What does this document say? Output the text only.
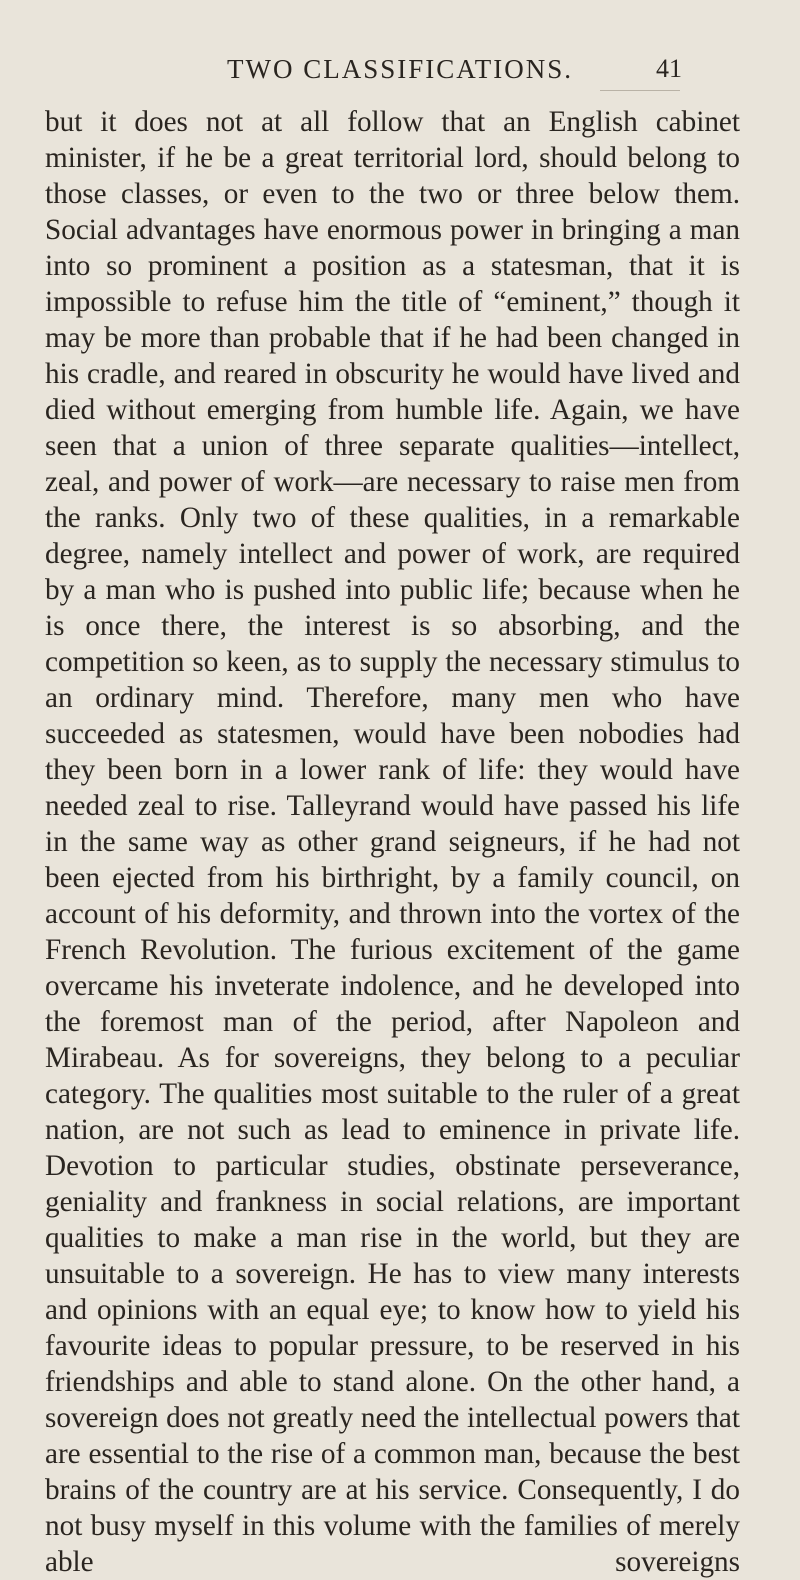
TWO CLASSIFICATIONS.	41

but it does not at all follow that an English cabinet minister, if he be a great territorial lord, should belong to those classes, or even to the two or three below them. Social advantages have enormous power in bringing a man into so prominent a position as a statesman, that it is impossible to refuse him the title of “eminent,” though it may be more than probable that if he had been changed in his cradle, and reared in obscurity he would have lived and died without emerging from humble life. Again, we have seen that a union of three separate qualities—intellect, zeal, and power of work—are necessary to raise men from the ranks. Only two of these qualities, in a remarkable degree, namely intellect and power of work, are required by a man who is pushed into public life; because when he is once there, the interest is so absorbing, and the competition so keen, as to supply the necessary stimulus to an ordinary mind. Therefore, many men who have succeeded as statesmen, would have been nobodies had they been born in a lower rank of life: they would have needed zeal to rise. Talleyrand would have passed his life in the same way as other grand seigneurs, if he had not been ejected from his birthright, by a family council, on account of his deformity, and thrown into the vortex of the French Revolution. The furious excitement of the game overcame his inveterate indolence, and he developed into the foremost man of the period, after Napoleon and Mirabeau. As for sovereigns, they belong to a peculiar category. The qualities most suitable to the ruler of a great nation, are not such as lead to eminence in private life. Devotion to particular studies, obstinate perseverance, geniality and frankness in social relations, are important qualities to make a man rise in the world, but they are unsuitable to a sovereign. He has to view many interests and opinions with an equal eye; to know how to yield his favourite ideas to popular pressure, to be reserved in his friendships and able to stand alone. On the other hand, a sovereign does not greatly need the intellectual powers that are essential to the rise of a common man, because the best brains of the country are at his service. Consequently, I do not busy myself in this volume with the families of merely able sovereigns
